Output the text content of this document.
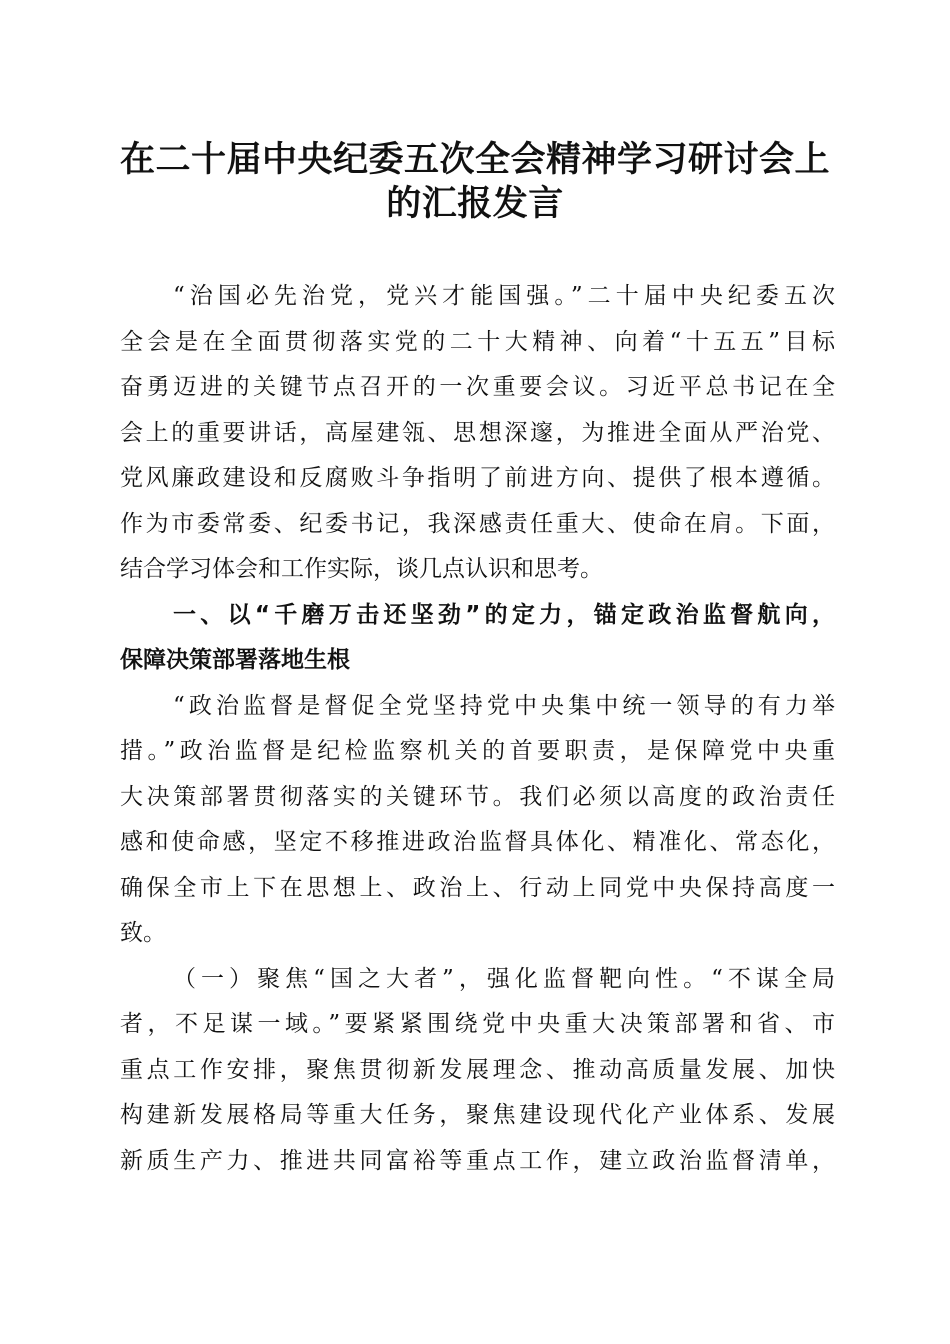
在二十届中央纪委五次全会精神学习研讨会上
的汇报发言
“治国必先治党，党兴才能国强。”二十届中央纪委五次
全会是在全面贯彻落实党的二十大精神、向着“十五五”目标
奋勇迈进的关键节点召开的一次重要会议。习近平总书记在全
会上的重要讲话，高屋建瓴、思想深邃，为推进全面从严治党、
党风廉政建设和反腐败斗争指明了前进方向、提供了根本遵循。
作为市委常委、纪委书记，我深感责任重大、使命在肩。下面，
结合学习体会和工作实际，谈几点认识和思考。
一、以“千磨万击还坚劲”的定力，锚定政治监督航向，
保障决策部署落地生根
“政治监督是督促全党坚持党中央集中统一领导的有力举
措。”政治监督是纪检监察机关的首要职责，是保障党中央重
大决策部署贯彻落实的关键环节。我们必须以高度的政治责任
感和使命感，坚定不移推进政治监督具体化、精准化、常态化，
确保全市上下在思想上、政治上、行动上同党中央保持高度一
致。
（一）聚焦“国之大者”，强化监督靶向性。“不谋全局
者，不足谋一域。”要紧紧围绕党中央重大决策部署和省、市
重点工作安排，聚焦贯彻新发展理念、推动高质量发展、加快
构建新发展格局等重大任务，聚焦建设现代化产业体系、发展
新质生产力、推进共同富裕等重点工作，建立政治监督清单，
